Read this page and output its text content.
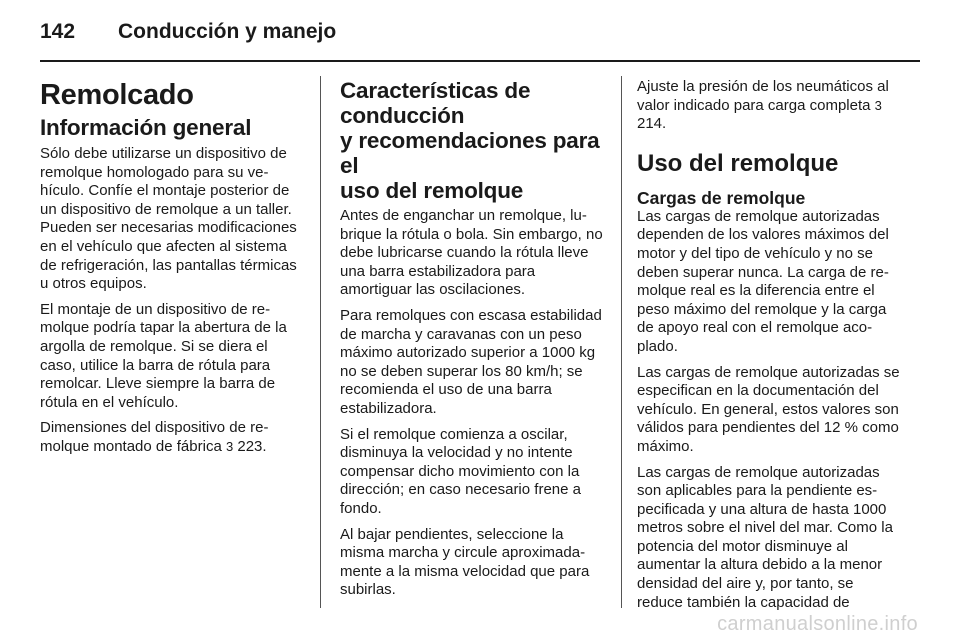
142 Conducción y manejo
Remolcado
Información general

Sólo debe utilizarse un dispositivo de remolque homologado para su vehículo. Confíe el montaje posterior de un dispositivo de remolque a un taller. Pueden ser necesarias modificaciones en el vehículo que afecten al sistema de refrigeración, las pantallas térmicas u otros equipos.

El montaje de un dispositivo de remolque podría tapar la abertura de la argolla de remolque. Si se diera el caso, utilice la barra de rótula para remolcar. Lleve siempre la barra de rótula en el vehículo.

Dimensiones del dispositivo de remolque montado de fábrica 3 223.

Características de
conducción
y recomendaciones para el
uso del remolque

Antes de enganchar un remolque, lubrique la rótula o bola. Sin embargo, no debe lubricarse cuando la rótula lleve una barra estabilizadora para amortiguar las oscilaciones.

Para remolques con escasa estabilidad de marcha y caravanas con un peso máximo autorizado superior a 1000 kg no se deben superar los 80 km/h; se recomienda el uso de una barra estabilizadora.

Si el remolque comienza a oscilar, disminuya la velocidad y no intente compensar dicho movimiento con la dirección; en caso necesario frene a fondo.

Al bajar pendientes, seleccione la misma marcha y circule aproximadamente a la misma velocidad que para subirlas.

Ajuste la presión de los neumáticos al valor indicado para carga completa 3 214.

Uso del remolque
Cargas de remolque

Las cargas de remolque autorizadas dependen de los valores máximos del motor y del tipo de vehículo y no se deben superar nunca. La carga de remolque real es la diferencia entre el peso máximo del remolque y la carga de apoyo real con el remolque acoplado.

Las cargas de remolque autorizadas se especifican en la documentación del vehículo. En general, estos valores son válidos para pendientes del 12 % como máximo.

Las cargas de remolque autorizadas son aplicables para la pendiente especificada y una altura de hasta 1000 metros sobre el nivel del mar. Como la potencia del motor disminuye al aumentar la altura debido a la menor densidad del aire y, por tanto, se reduce también la capacidad de

carmanualsonline.info
